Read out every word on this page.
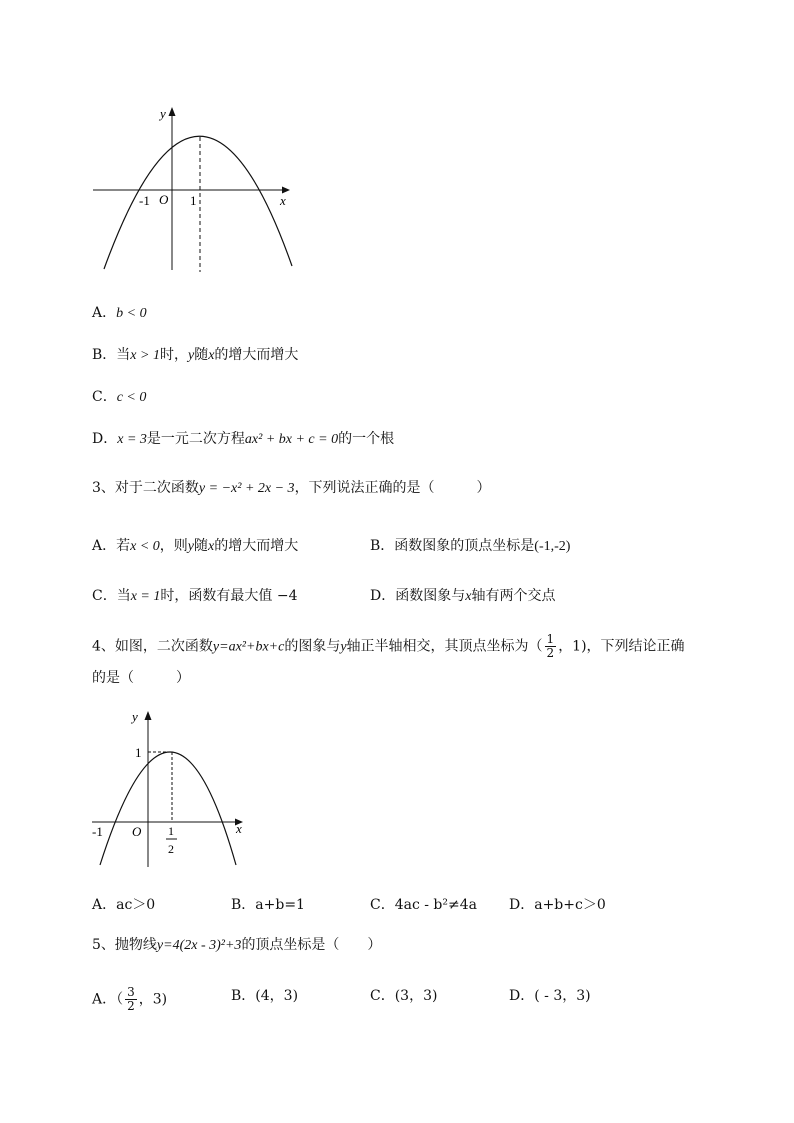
y
x
O
-1	1
A．b < 0
B．当x > 1时，y随x的增大而增大
C．c < 0
D．x = 3是一元二次方程ax² + bx + c = 0的一个根
3、对于二次函数y = −x² + 2x − 3，下列说法正确的是（　　　）
A．若x < 0，则y随x的增大而增大	B．函数图象的顶点坐标是(-1,-2)
C．当x = 1时，函数有最大值 −4	D．函数图象与x轴有两个交点
4、如图，二次函数y=ax²+bx+c的图象与y轴正半轴相交，其顶点坐标为（ $\frac{1}{2}$ ，1)，下列结论正确
的是（　　　）
y
x
O
-1
1
1
2
A．ac＞0	B．a+b=1	C．4ac - b²≠4a D．a+b+c＞0
5、抛物线y=4(2x - 3)²+3的顶点坐标是（　　）
A．（ $\frac{3}{2}$ ，3)	B．(4，3)	C．(3，3)	D．( - 3，3)
